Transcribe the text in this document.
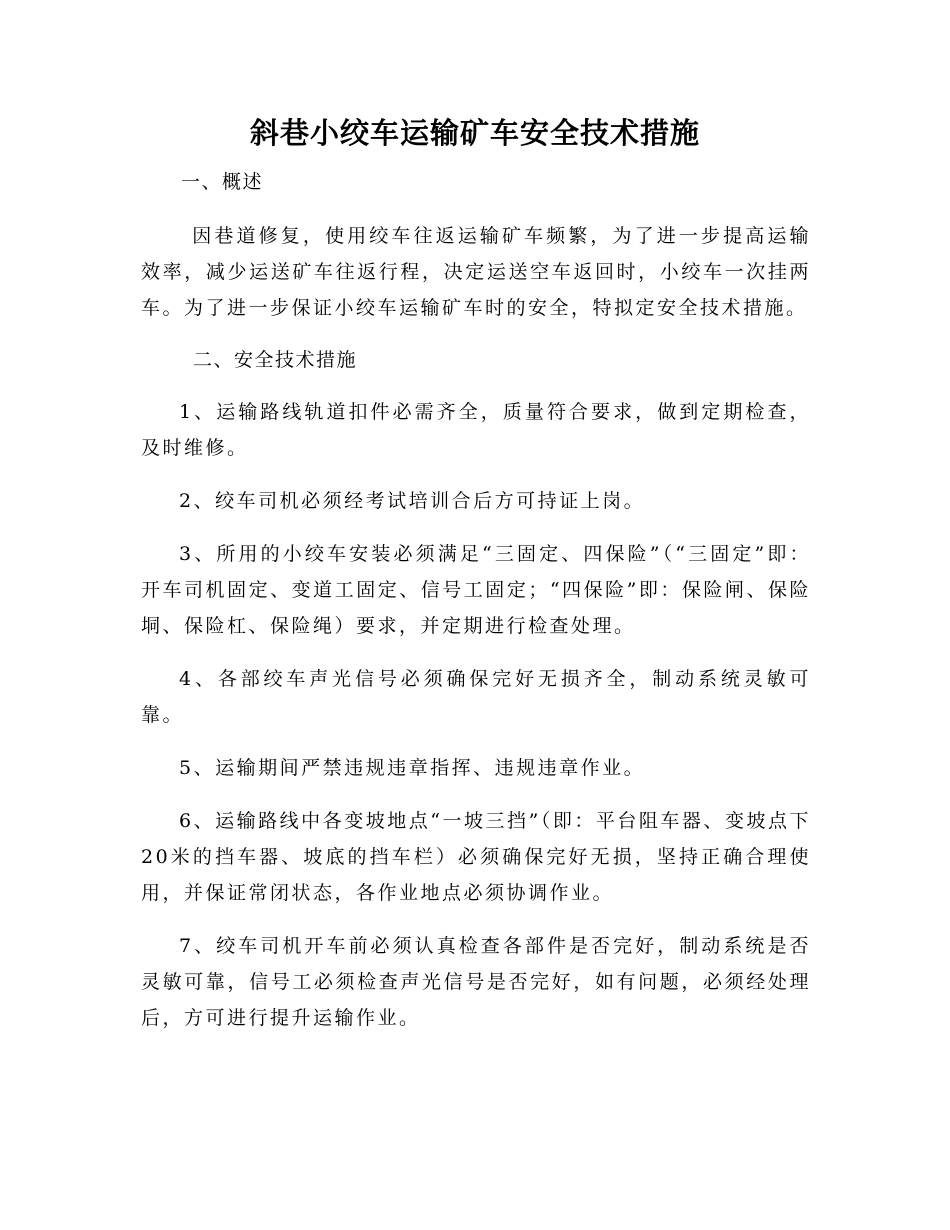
斜巷小绞车运输矿车安全技术措施

一、概述

因巷道修复，使用绞车往返运输矿车频繁，为了进一步提高运输效率，减少运送矿车往返行程，决定运送空车返回时，小绞车一次挂两车。为了进一步保证小绞车运输矿车时的安全，特拟定安全技术措施。

二、安全技术措施

1、运输路线轨道扣件必需齐全，质量符合要求，做到定期检查，及时维修。

2、绞车司机必须经考试培训合后方可持证上岗。

3、所用的小绞车安装必须满足“三固定、四保险”（“三固定”即：开车司机固定、变道工固定、信号工固定；“四保险”即：保险闸、保险垌、保险杠、保险绳）要求，并定期进行检查处理。

4、各部绞车声光信号必须确保完好无损齐全，制动系统灵敏可靠。

5、运输期间严禁违规违章指挥、违规违章作业。

6、运输路线中各变坡地点“一坡三挡”（即：平台阻车器、变坡点下20米的挡车器、坡底的挡车栏）必须确保完好无损，坚持正确合理使用，并保证常闭状态，各作业地点必须协调作业。

7、绞车司机开车前必须认真检查各部件是否完好，制动系统是否灵敏可靠，信号工必须检查声光信号是否完好，如有问题，必须经处理后，方可进行提升运输作业。
